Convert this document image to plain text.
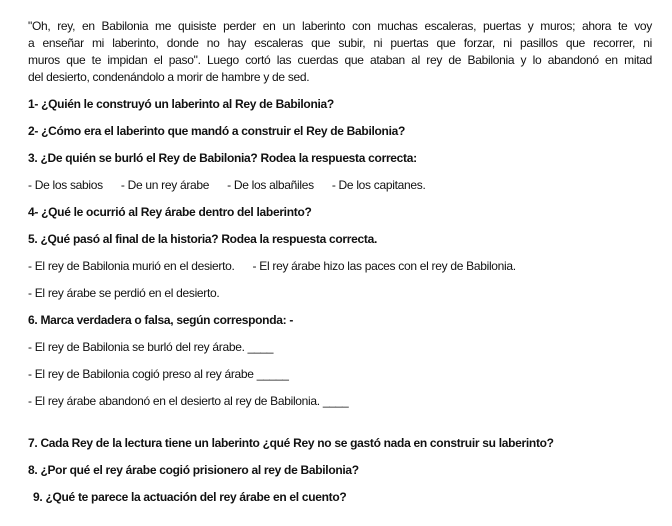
"Oh, rey, en Babilonia me quisiste perder en un laberinto con muchas escaleras, puertas y muros; ahora te voy
a enseñar mi laberinto, donde no hay escaleras que subir, ni puertas que forzar, ni pasillos que recorrer, ni
muros que te impidan el paso". Luego cortó las cuerdas que ataban al rey de Babilonia y lo abandonó en mitad
del desierto, condenándolo a morir de hambre y de sed.
1- ¿Quién le construyó un laberinto al Rey de Babilonia?
2- ¿Cómo era el laberinto que mandó a construir el Rey de Babilonia?
3. ¿De quién se burló el Rey de Babilonia? Rodea la respuesta correcta:
- De los sabios - De un rey árabe - De los albañiles - De los capitanes.
4- ¿Qué le ocurrió al Rey árabe dentro del laberinto?
5. ¿Qué pasó al final de la historia? Rodea la respuesta correcta.
- El rey de Babilonia murió en el desierto. - El rey árabe hizo las paces con el rey de Babilonia.
- El rey árabe se perdió en el desierto.
6. Marca verdadera o falsa, según corresponda: -
- El rey de Babilonia se burló del rey árabe. ____
- El rey de Babilonia cogió preso al rey árabe _____
- El rey árabe abandonó en el desierto al rey de Babilonia. ____
7. Cada Rey de la lectura tiene un laberinto ¿qué Rey no se gastó nada en construir su laberinto?
8. ¿Por qué el rey árabe cogió prisionero al rey de Babilonia?
9. ¿Qué te parece la actuación del rey árabe en el cuento?
